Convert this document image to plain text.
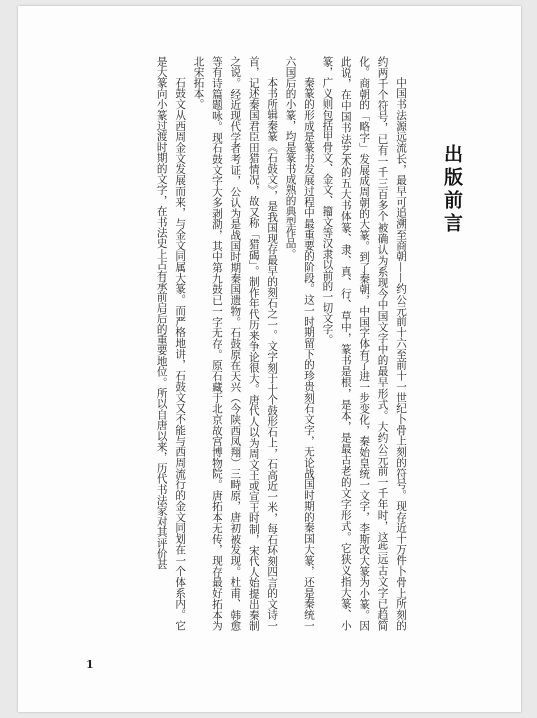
出版前言

中国书法源远流长，最早可追溯至商朝——约公元前十六至前十一世纪卜骨上刻的符号。现存近十万件卜骨上所刻的约两千个符号，已有一千三百多个被确认为系现今中国文字中的最早形式。大约公元前一千年时，这些远古文字已趋简化。商朝的「略字」发展成周朝的大篆。到了秦朝，中国字体有了进一步变化，秦始皇统一文字，李斯改大篆为小篆。因此说，在中国书法艺术的五大书体篆、隶、真、行、草中，篆书是根，是本，是最古老的文字形式。它狭义指大篆、小篆，广义则包括甲骨文、金文、籀文等汉隶以前的一切文字。

秦篆的形成是篆书发展过程中最重要的阶段。这一时期留下的珍贵刻石文字，无论战国时期的秦国大篆，还是秦统一六国后的小篆，均是篆书成熟的典型作品。

本书所辑秦篆《石鼓文》，是我国现存最早的刻石之一。文字刻于十个鼓形石上，石高近一米，每石环刻四言的文诗一首，记述秦国君臣田猎情况，故又称「猎碣」。制作年代历来争论很大。唐代人以为周文王或宣王时制，宋代人始提出秦制之说。经近现代学者考证，公认为是战国时期秦国遗物。石鼓原在天兴（今陕西凤翔）三畤原，唐初被发现。杜甫、韩愈等有诗篇题咏。现石鼓文字大多剥泐，其中第九鼓已一字无存。原石藏于北京故宫博物院。唐拓本无传，现存最好拓本为北宋拓本。

石鼓文从西周金文发展而来，与金文同属大篆。而严格地讲，石鼓文又不能与西周流行的金文同划在一个体系内。它是大篆向小篆过渡时期的文字，在书法史上占有承前启后的重要地位。所以自唐以来，历代书法家对其评价甚

1
